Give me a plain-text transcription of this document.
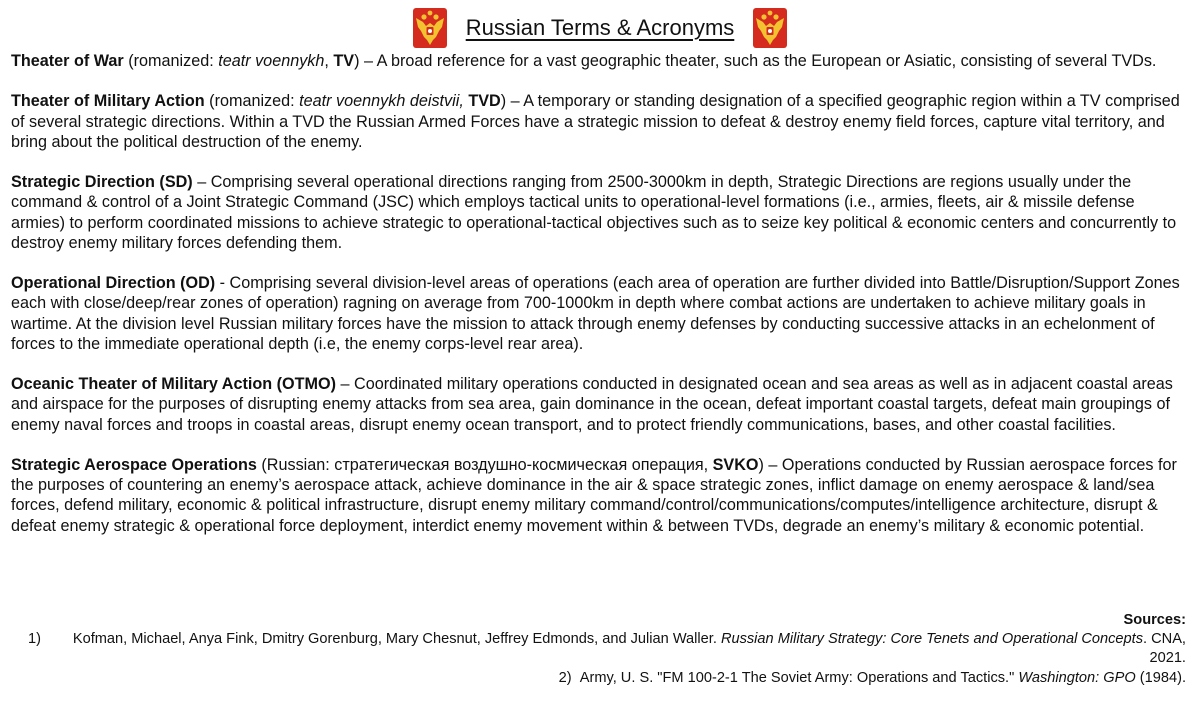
Russian Terms & Acronyms

Theater of War (romanized: teatr voennykh, TV) – A broad reference for a vast geographic theater, such as the European or Asiatic, consisting of several TVDs.

Theater of Military Action (romanized: teatr voennykh deistvii, TVD) – A temporary or standing designation of a specified geographic region within a TV comprised of several strategic directions. Within a TVD the Russian Armed Forces have a strategic mission to defeat & destroy enemy field forces, capture vital territory, and bring about the political destruction of the enemy.

Strategic Direction (SD) – Comprising several operational directions ranging from 2500-3000km in depth, Strategic Directions are regions usually under the command & control of a Joint Strategic Command (JSC) which employs tactical units to operational-level formations (i.e., armies, fleets, air & missile defense armies) to perform coordinated missions to achieve strategic to operational-tactical objectives such as to seize key political & economic centers and concurrently to destroy enemy military forces defending them.

Operational Direction (OD) - Comprising several division-level areas of operations (each area of operation are further divided into Battle/Disruption/Support Zones each with close/deep/rear zones of operation) ragning on average from 700-1000km in depth where combat actions are undertaken to achieve military goals in wartime. At the division level Russian military forces have the mission to attack through enemy defenses by conducting successive attacks in an echelonment of forces to the immediate operational depth (i.e, the enemy corps-level rear area).

Oceanic Theater of Military Action (OTMO) – Coordinated military operations conducted in designated ocean and sea areas as well as in adjacent coastal areas and airspace for the purposes of disrupting enemy attacks from sea area, gain dominance in the ocean, defeat important coastal targets, defeat main groupings of enemy naval forces and troops in coastal areas, disrupt enemy ocean transport, and to protect friendly communications, bases, and other coastal facilities.

Strategic Aerospace Operations (Russian: стратегическая воздушно-космическая операция, SVKO) – Operations conducted by Russian aerospace forces for the purposes of countering an enemy’s aerospace attack, achieve dominance in the air & space strategic zones, inflict damage on enemy aerospace & land/sea forces, defend military, economic & political infrastructure, disrupt enemy military command/control/communications/computes/intelligence architecture, disrupt & defeat enemy strategic & operational force deployment, interdict enemy movement within & between TVDs, degrade an enemy’s military & economic potential.

Sources:
1)	Kofman, Michael, Anya Fink, Dmitry Gorenburg, Mary Chesnut, Jeffrey Edmonds, and Julian Waller. Russian Military Strategy: Core Tenets and Operational Concepts. CNA, 2021.
2) Army, U. S. "FM 100-2-1 The Soviet Army: Operations and Tactics." Washington: GPO (1984).
